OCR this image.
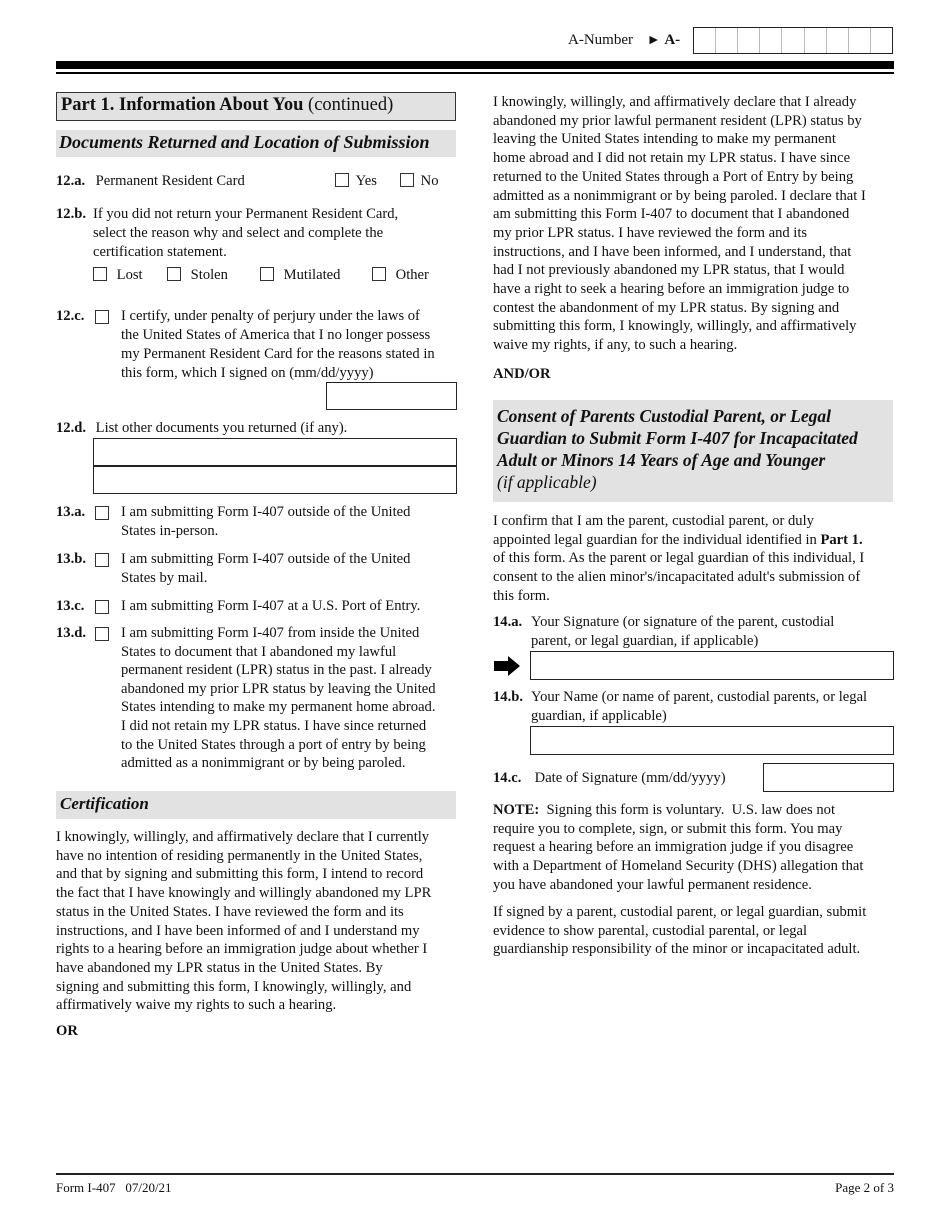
A-Number ► A-
Part 1. Information About You (continued)
Documents Returned and Location of Submission
12.a. Permanent Resident Card	Yes	No
12.b. If you did not return your Permanent Resident Card,
select the reason why and select and complete the
certification statement.
Lost	Stolen	Mutilated	Other
12.c.	I certify, under penalty of perjury under the laws of
the United States of America that I no longer possess
my Permanent Resident Card for the reasons stated in
this form, which I signed on (mm/dd/yyyy)
12.d. List other documents you returned (if any).
13.a. I am submitting Form I-407 outside of the United
States in-person.
13.b. I am submitting Form I-407 outside of the United
States by mail.
13.c.	I am submitting Form I-407 at a U.S. Port of Entry.
13.d. I am submitting Form I-407 from inside the United
States to document that I abandoned my lawful
permanent resident (LPR) status in the past. I already
abandoned my prior LPR status by leaving the United
States intending to make my permanent home abroad.
I did not retain my LPR status. I have since returned
to the United States through a port of entry by being
admitted as a nonimmigrant or by being paroled.
Certification
I knowingly, willingly, and affirmatively declare that I currently
have no intention of residing permanently in the United States,
and that by signing and submitting this form, I intend to record
the fact that I have knowingly and willingly abandoned my LPR
status in the United States. I have reviewed the form and its
instructions, and I have been informed of and I understand my
rights to a hearing before an immigration judge about whether I
have abandoned my LPR status in the United States. By
signing and submitting this form, I knowingly, willingly, and
affirmatively waive my rights to such a hearing.
OR
I knowingly, willingly, and affirmatively declare that I already
abandoned my prior lawful permanent resident (LPR) status by
leaving the United States intending to make my permanent
home abroad and I did not retain my LPR status. I have since
returned to the United States through a Port of Entry by being
admitted as a nonimmigrant or by being paroled. I declare that I
am submitting this Form I-407 to document that I abandoned
my prior LPR status. I have reviewed the form and its
instructions, and I have been informed, and I understand, that
had I not previously abandoned my LPR status, that I would
have a right to seek a hearing before an immigration judge to
contest the abandonment of my LPR status. By signing and
submitting this form, I knowingly, willingly, and affirmatively
waive my rights, if any, to such a hearing.
AND/OR
Consent of Parents Custodial Parent, or Legal
Guardian to Submit Form I-407 for Incapacitated
Adult or Minors 14 Years of Age and Younger
(if applicable)
I confirm that I am the parent, custodial parent, or duly
appointed legal guardian for the individual identified in Part 1.
of this form. As the parent or legal guardian of this individual, I
consent to the alien minor's/incapacitated adult's submission of
this form.
14.a. Your Signature (or signature of the parent, custodial
parent, or legal guardian, if applicable)
14.b. Your Name (or name of parent, custodial parents, or legal
guardian, if applicable)
14.c. Date of Signature (mm/dd/yyyy)
NOTE:  Signing this form is voluntary.  U.S. law does not
require you to complete, sign, or submit this form. You may
request a hearing before an immigration judge if you disagree
with a Department of Homeland Security (DHS) allegation that
you have abandoned your lawful permanent residence.
If signed by a parent, custodial parent, or legal guardian, submit
evidence to show parental, custodial parental, or legal
guardianship responsibility of the minor or incapacitated adult.
Form I-407   07/20/21	Page 2 of 3
